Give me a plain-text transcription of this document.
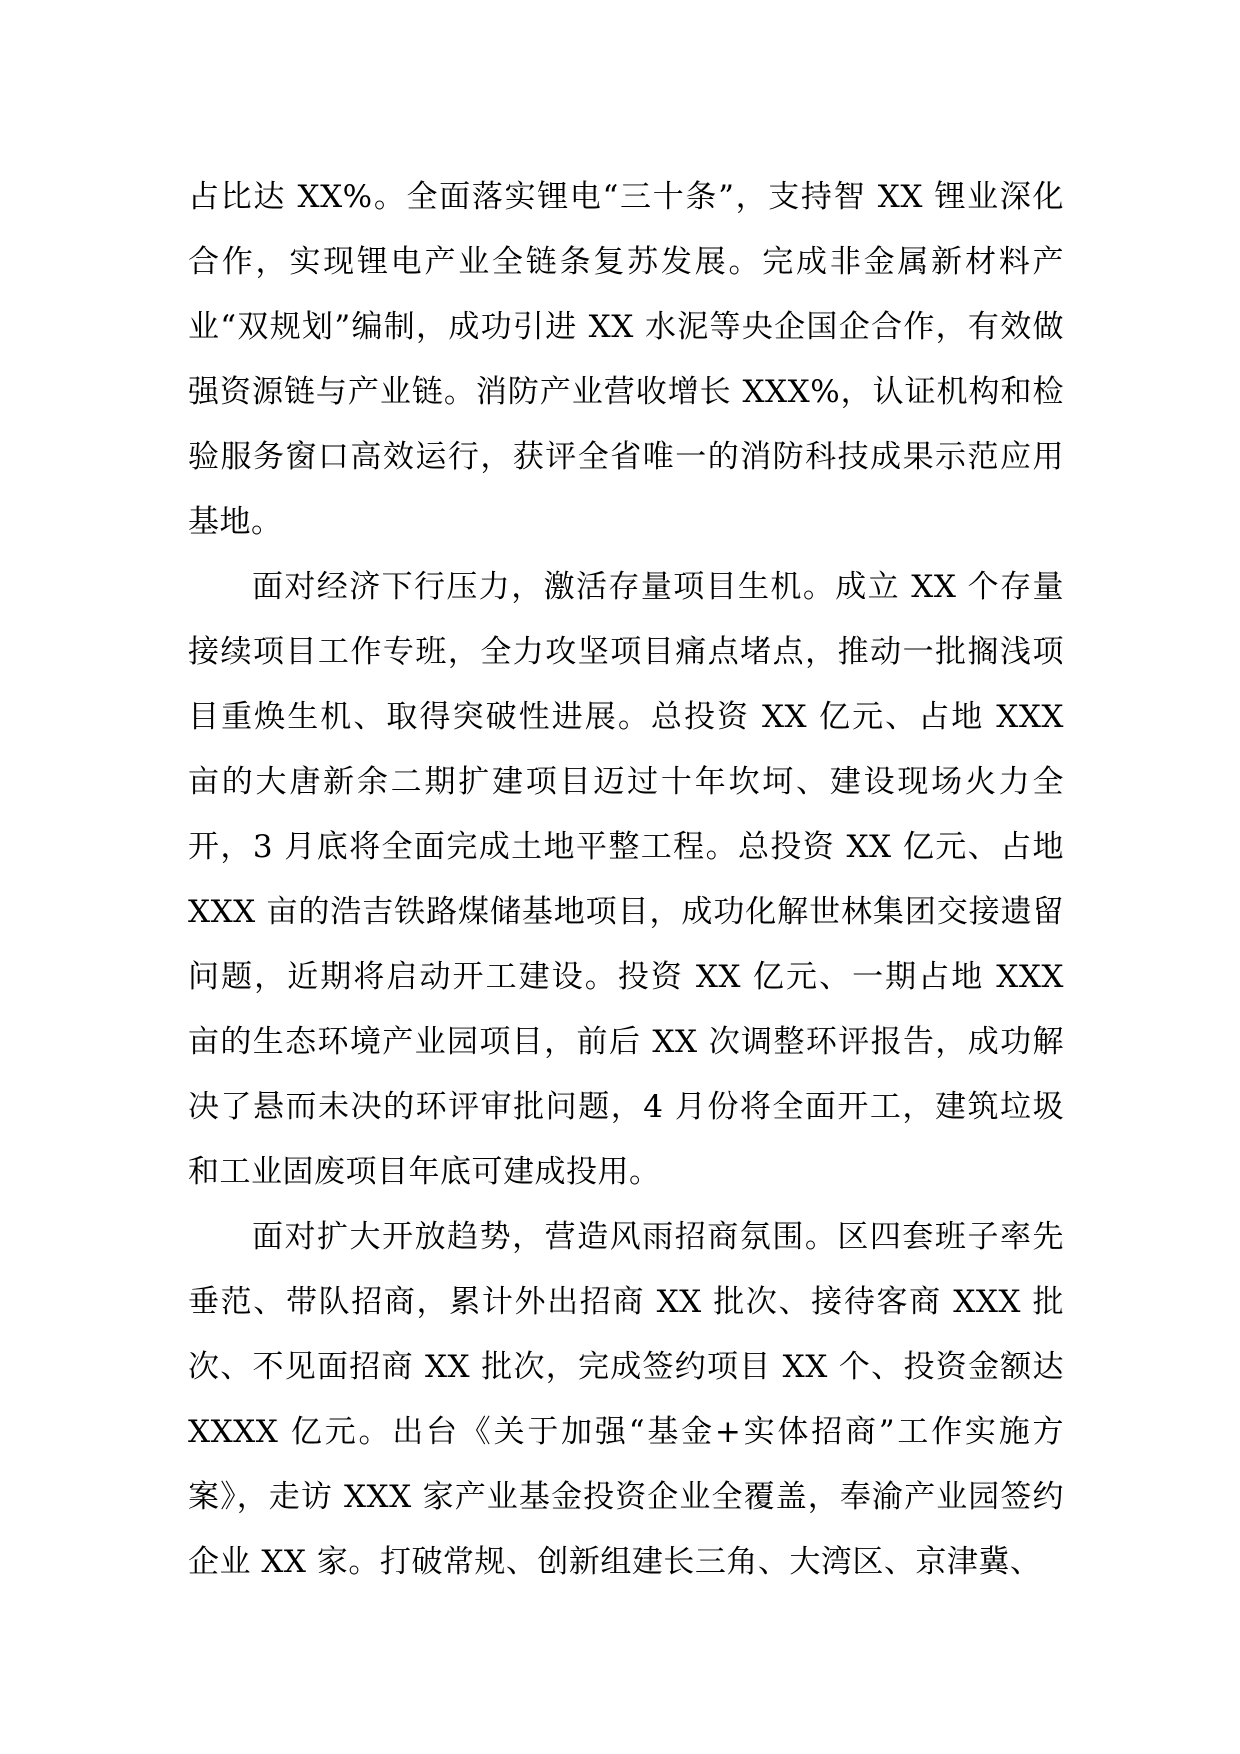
占比达 XX%。全面落实锂电“三十条”，支持智 XX 锂业深化合作，实现锂电产业全链条复苏发展。完成非金属新材料产业“双规划”编制，成功引进 XX 水泥等央企国企合作，有效做强资源链与产业链。消防产业营收增长 XXX%，认证机构和检验服务窗口高效运行，获评全省唯一的消防科技成果示范应用基地。

面对经济下行压力，激活存量项目生机。成立 XX 个存量接续项目工作专班，全力攻坚项目痛点堵点，推动一批搁浅项目重焕生机、取得突破性进展。总投资 XX 亿元、占地 XXX 亩的大唐新余二期扩建项目迈过十年坎坷、建设现场火力全开，3 月底将全面完成土地平整工程。总投资 XX 亿元、占地 XXX 亩的浩吉铁路煤储基地项目，成功化解世林集团交接遗留问题，近期将启动开工建设。投资 XX 亿元、一期占地 XXX 亩的生态环境产业园项目，前后 XX 次调整环评报告，成功解决了悬而未决的环评审批问题，4 月份将全面开工，建筑垃圾和工业固废项目年底可建成投用。

面对扩大开放趋势，营造风雨招商氛围。区四套班子率先垂范、带队招商，累计外出招商 XX 批次、接待客商 XXX 批次、不见面招商 XX 批次，完成签约项目 XX 个、投资金额达 XXXX 亿元。出台《关于加强“基金+实体招商”工作实施方案》，走访 XXX 家产业基金投资企业全覆盖，奉渝产业园签约企业 XX 家。打破常规、创新组建长三角、大湾区、京津冀、
